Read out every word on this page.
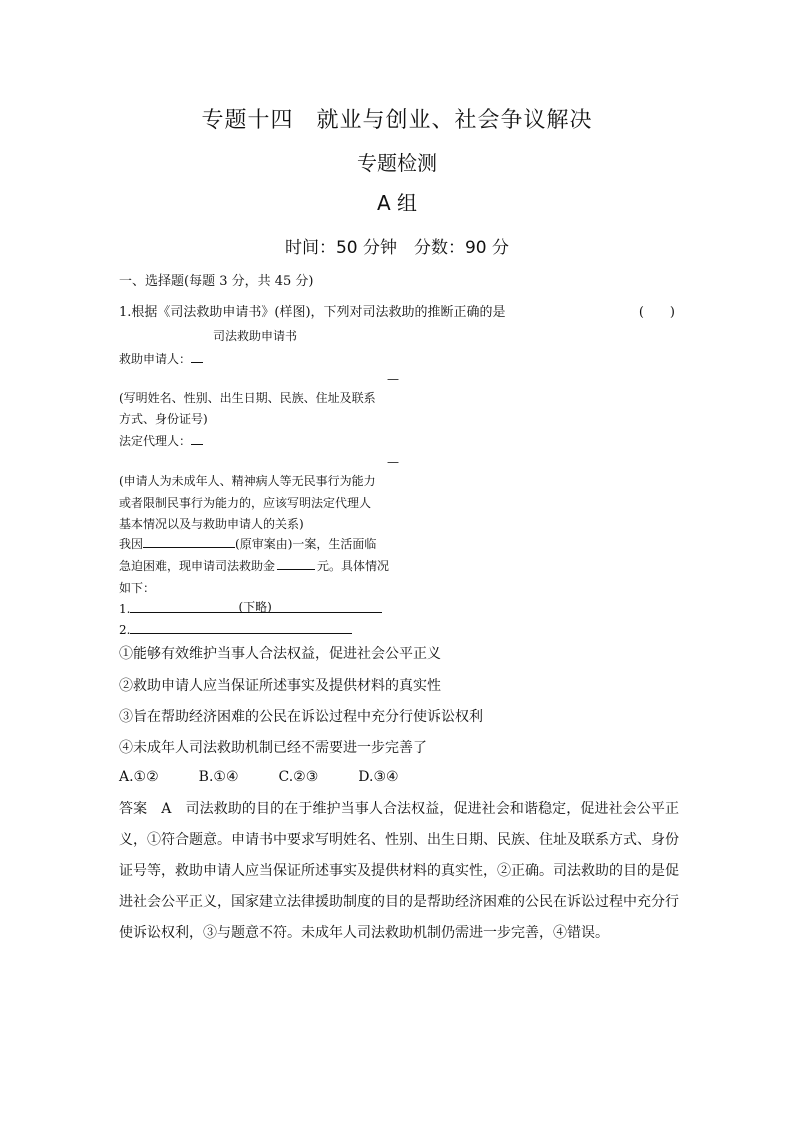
专题十四　就业与创业、社会争议解决
专题检测
A 组
时间：50 分钟　分数：90 分
一、选择题(每题 3 分，共 45 分)
1.根据《司法救助申请书》(样图)，下列对司法救助的推断正确的是	(　　)
司法救助申请书
救助申请人：
—
(写明姓名、性别、出生日期、民族、住址及联系
方式、身份证号)
法定代理人：
—
(申请人为未成年人、精神病人等无民事行为能力
或者限制民事行为能力的，应该写明法定代理人
基本情况以及与救助申请人的关系)
我因	(原审案由)一案，生活面临
急迫困难，现申请司法救助金	元。具体情况
如下：
1.	(下略)
2.
①能够有效维护当事人合法权益，促进社会公平正义
②救助申请人应当保证所述事实及提供材料的真实性
③旨在帮助经济困难的公民在诉讼过程中充分行使诉讼权利
④未成年人司法救助机制已经不需要进一步完善了
A.①②	B.①④	C.②③	D.③④
答案　A 司法救助的目的在于维护当事人合法权益，促进社会和谐稳定，促进社会公平正义，①符合题意。申请书中要求写明姓名、性别、出生日期、民族、住址及联系方式、身份证号等，救助申请人应当保证所述事实及提供材料的真实性，②正确。司法救助的目的是促进社会公平正义，国家建立法律援助制度的目的是帮助经济困难的公民在诉讼过程中充分行使诉讼权利，③与题意不符。未成年人司法救助机制仍需进一步完善，④错误。
